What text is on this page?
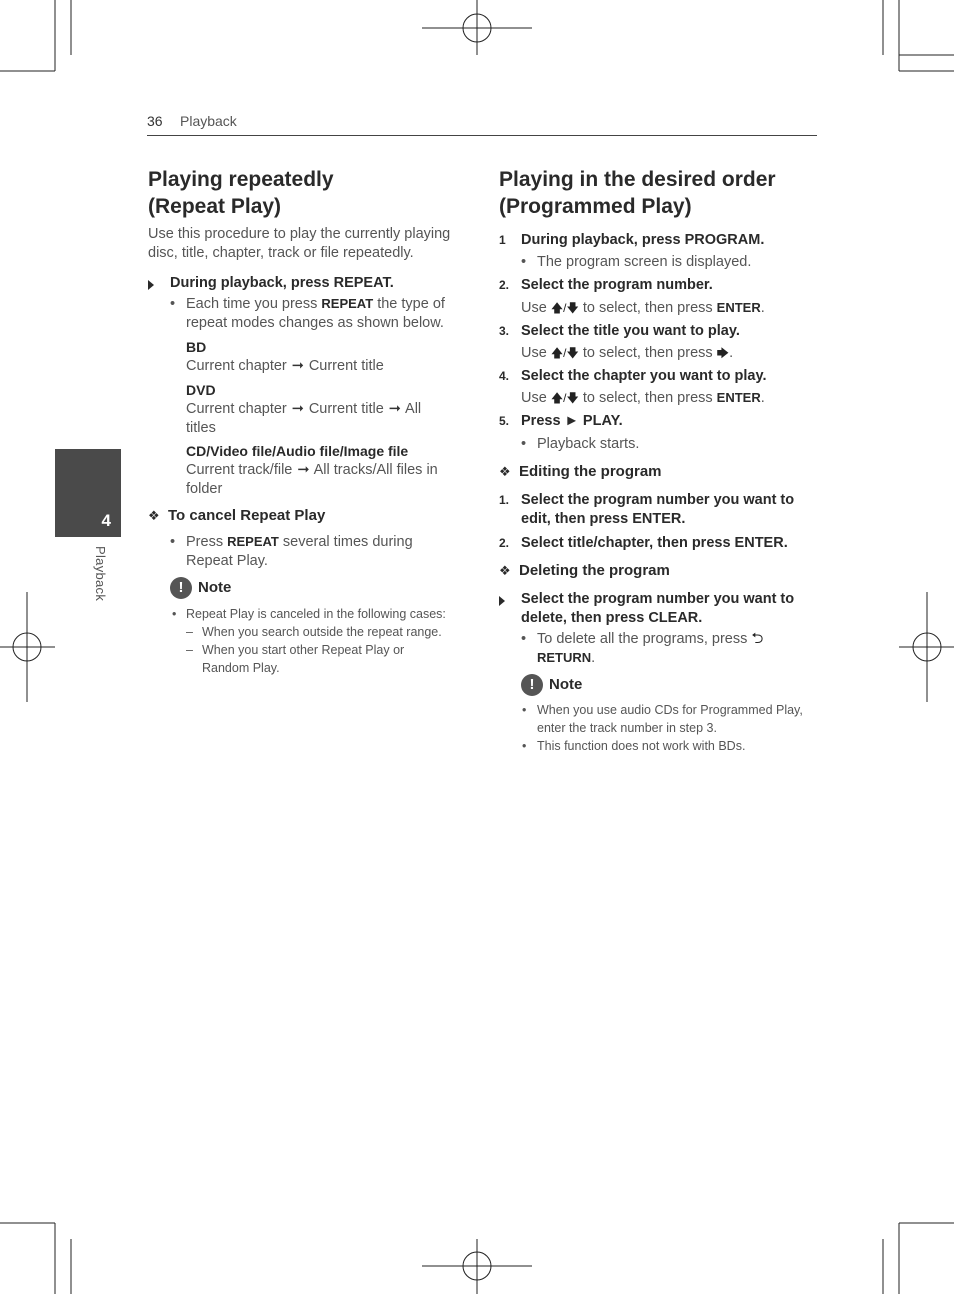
36 Playback
4
Playback
Playing repeatedly
(Repeat Play)
Use this procedure to play the currently playing
disc, title, chapter, track or file repeatedly.
During playback, press REPEAT.
• Each time you press REPEAT the type of
repeat modes changes as shown below.
BD
Current chapter ➞ Current title
DVD
Current chapter ➞ Current title ➞ All
titles
CD/Video file/Audio file/Image file
Current track/file ➞ All tracks/All files in
folder
❖ To cancel Repeat Play
• Press REPEAT several times during
Repeat Play.
! Note
• Repeat Play is canceled in the following cases:
– When you search outside the repeat range.
– When you start other Repeat Play or
Random Play.
Playing in the desired order
(Programmed Play)
1 During playback, press PROGRAM.
• The program screen is displayed.
2. Select the program number.
Use 🡅/🡇 to select, then press ENTER.
3. Select the title you want to play.
Use 🡅/🡇 to select, then press 🡆.
4. Select the chapter you want to play.
Use 🡅/🡇 to select, then press ENTER.
5. Press ► PLAY.
• Playback starts.
❖ Editing the program
1. Select the program number you want to
edit, then press ENTER.
2. Select title/chapter, then press ENTER.
❖ Deleting the program
Select the program number you want to
delete, then press CLEAR.
• To delete all the programs, press ⮌
RETURN.
! Note
• When you use audio CDs for Programmed Play,
enter the track number in step 3.
• This function does not work with BDs.
